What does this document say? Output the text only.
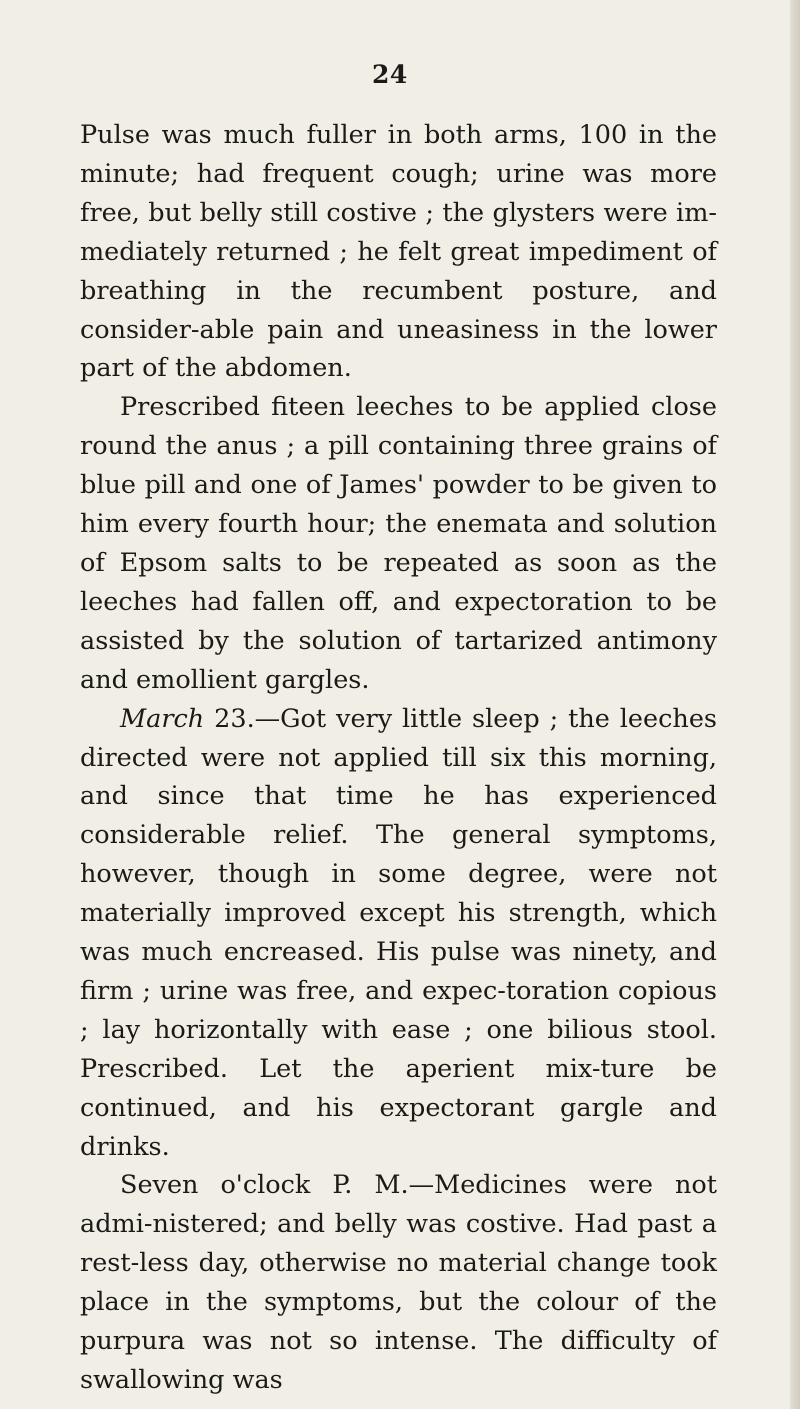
24

Pulse was much fuller in both arms, 100 in the minute; had frequent cough; urine was more free, but belly still costive ; the glysters were im-mediately returned ; he felt great impediment of breathing in the recumbent posture, and consider-able pain and uneasiness in the lower part of the abdomen.

Prescribed fiteen leeches to be applied close round the anus ; a pill containing three grains of blue pill and one of James' powder to be given to him every fourth hour; the enemata and solution of Epsom salts to be repeated as soon as the leeches had fallen off, and expectoration to be assisted by the solution of tartarized antimony and emollient gargles.

March 23.—Got very little sleep ; the leeches directed were not applied till six this morning, and since that time he has experienced considerable relief. The general symptoms, however, though in some degree, were not materially improved except his strength, which was much encreased. His pulse was ninety, and firm ; urine was free, and expec-toration copious ; lay horizontally with ease ; one bilious stool. Prescribed. Let the aperient mix-ture be continued, and his expectorant gargle and drinks.

Seven o'clock P. M.—Medicines were not admi-nistered; and belly was costive. Had past a rest-less day, otherwise no material change took place in the symptoms, but the colour of the purpura was not so intense. The difficulty of swallowing was
